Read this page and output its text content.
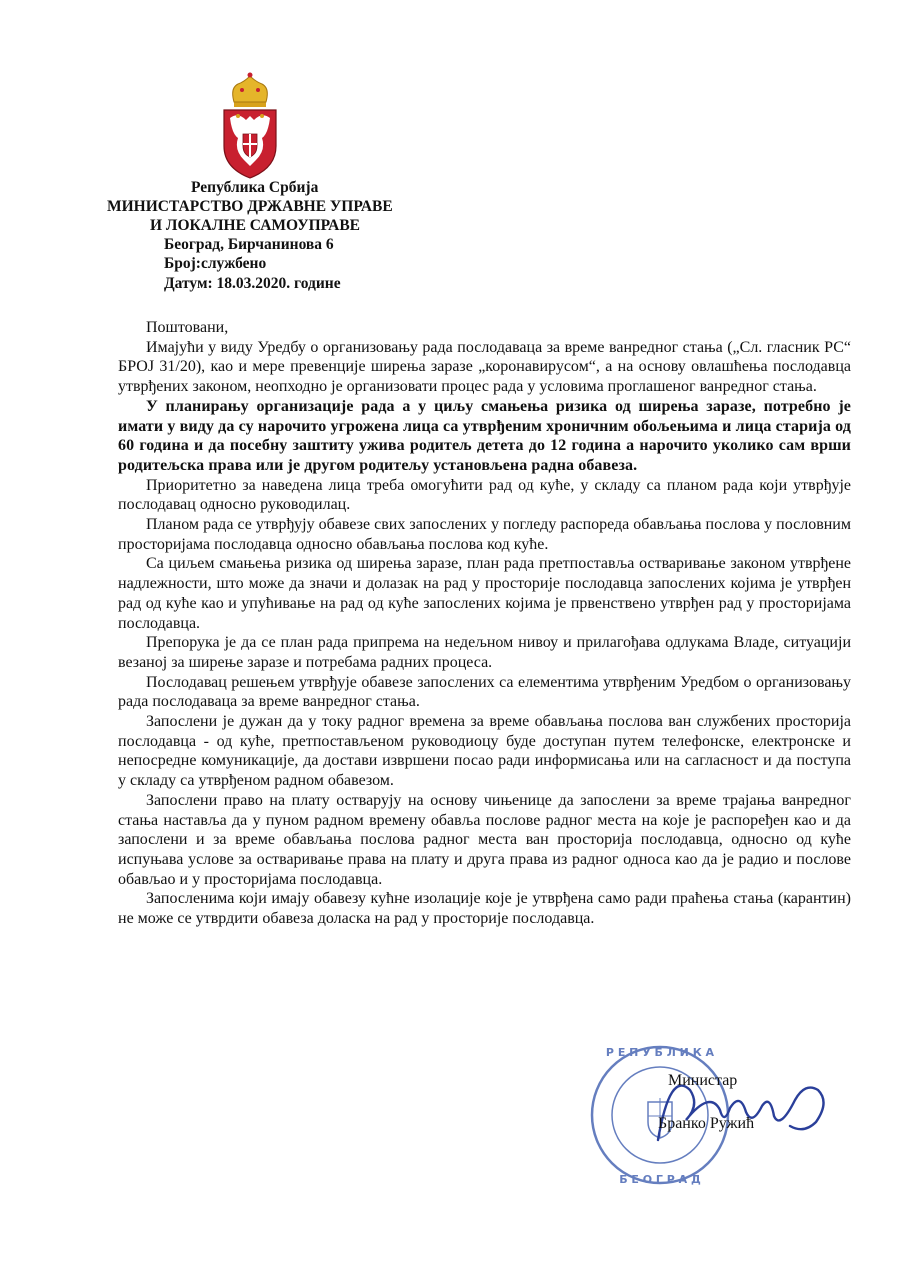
Република Србија
МИНИСТАРСТВО ДРЖАВНЕ УПРАВЕ
И ЛОКАЛНЕ САМОУПРАВЕ
Београд, Бирчанинова 6
Број:службено
Датум: 18.03.2020. године

Поштовани,

Имајући у виду Уредбу о организовању рада послодаваца за време ванредног стања („Сл. гласник РС“ БРОЈ 31/20), као и мере превенције ширења заразе „коронавирусом“, а на основу овлашћења послодавца утврђених законом, неопходно је организовати процес рада у условима проглашеног ванредног стања.

У планирању организације рада а у циљу смањења ризика од ширења заразе, потребно је имати у виду да су нарочито угрожена лица са утврђеним хроничним обољењима и лица старија од 60 година и да посебну заштиту ужива родитељ детета до 12 година а нарочито уколико сам врши родитељска права или је другом родитељу установљена радна обавеза.

Приоритетно за наведена лица треба омогућити рад од куће, у складу са планом рада који утврђује послодавац односно руководилац.

Планом рада се утврђују обавезе свих запослених у погледу распореда обављања послова у пословним просторијама послодавца односно обављања послова код куће.

Са циљем смањења ризика од ширења заразе, план рада претпоставља остваривање законом утврђене надлежности, што може да значи и долазак на рад у просторије послодавца запослених којима је утврђен рад од куће као и упућивање на рад од куће запослених којима је првенствено утврђен рад у просторијама послодавца.

Препорука је да се план рада припрема на недељном нивоу и прилагођава одлукама Владе, ситуацији везаној за ширење заразе и потребама радних процеса.

Послодавац решењем утврђује обавезе запослених са елементима утврђеним Уредбом о организовању рада послодаваца за време ванредног стања.

Запослени је дужан да у току радног времена за време обављања послова ван службених просторија послодавца - од куће, претпостављеном руководиоцу буде доступан путем телефонске, електронске и непосредне комуникације, да достави извршени посао ради информисања или на сагласност и да поступа у складу са утврђеном радном обавезом.

Запослени право на плату остварују на основу чињенице да запослени за време трајања ванредног стања наставља да у пуном радном времену обавља послове радног места на које је распоређен као и да запослени и за време обављања послова радног места ван просторија послодавца, односно од куће испуњава услове за остваривање права на плату и друга права из радног односа као да је радио и послове обављао и у просторијама послодавца.

Запосленима који имају обавезу кућне изолације које је утврђена само ради праћења стања (карантин) не може се утврдити обавеза доласка на рад у просторије послодавца.

Р Е П У Б Л И К А
Б Е О Г Р А Д
Министар
Бранко Ружић
